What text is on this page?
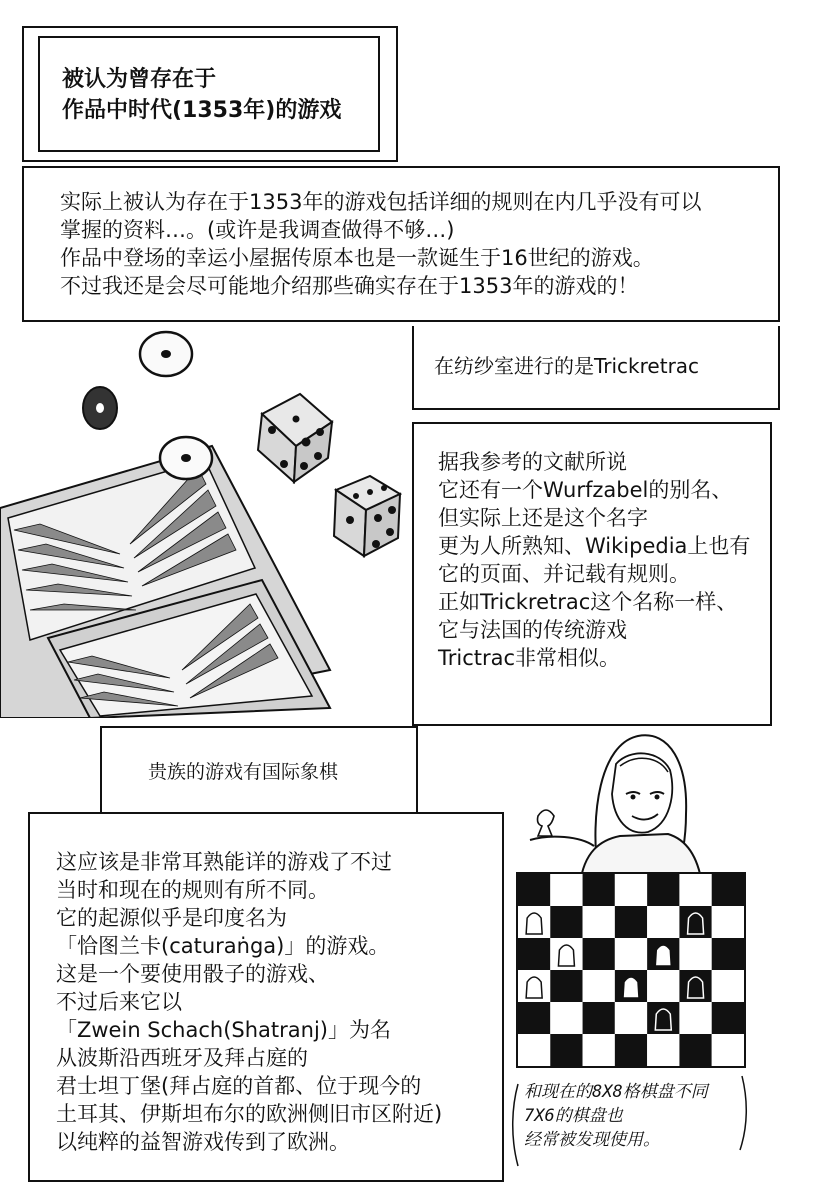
被认为曾存在于
作品中时代(1353年)的游戏
实际上被认为存在于1353年的游戏包括详细的规则在内几乎没有可以
掌握的资料…。(或许是我调查做得不够…)
作品中登场的幸运小屋据传原本也是一款诞生于16世纪的游戏。
不过我还是会尽可能地介绍那些确实存在于1353年的游戏的！
在纺纱室进行的是Trickretrac
据我参考的文献所说
它还有一个Wurfzabel的别名、
但实际上还是这个名字
更为人所熟知、Wikipedia上也有
它的页面、并记载有规则。
正如Trickretrac这个名称一样、
它与法国的传统游戏
Trictrac非常相似。
贵族的游戏有国际象棋
这应该是非常耳熟能详的游戏了不过
当时和现在的规则有所不同。
它的起源似乎是印度名为
「恰图兰卡(caturaṅga)」的游戏。
这是一个要使用骰子的游戏、
不过后来它以
「Zwein Schach(Shatranj)」为名
从波斯沿西班牙及拜占庭的
君士坦丁堡(拜占庭的首都、位于现今的
土耳其、伊斯坦布尔的欧洲侧旧市区附近)
以纯粹的益智游戏传到了欧洲。
和现在的8X8格棋盘不同
7X6的棋盘也
经常被发现使用。
